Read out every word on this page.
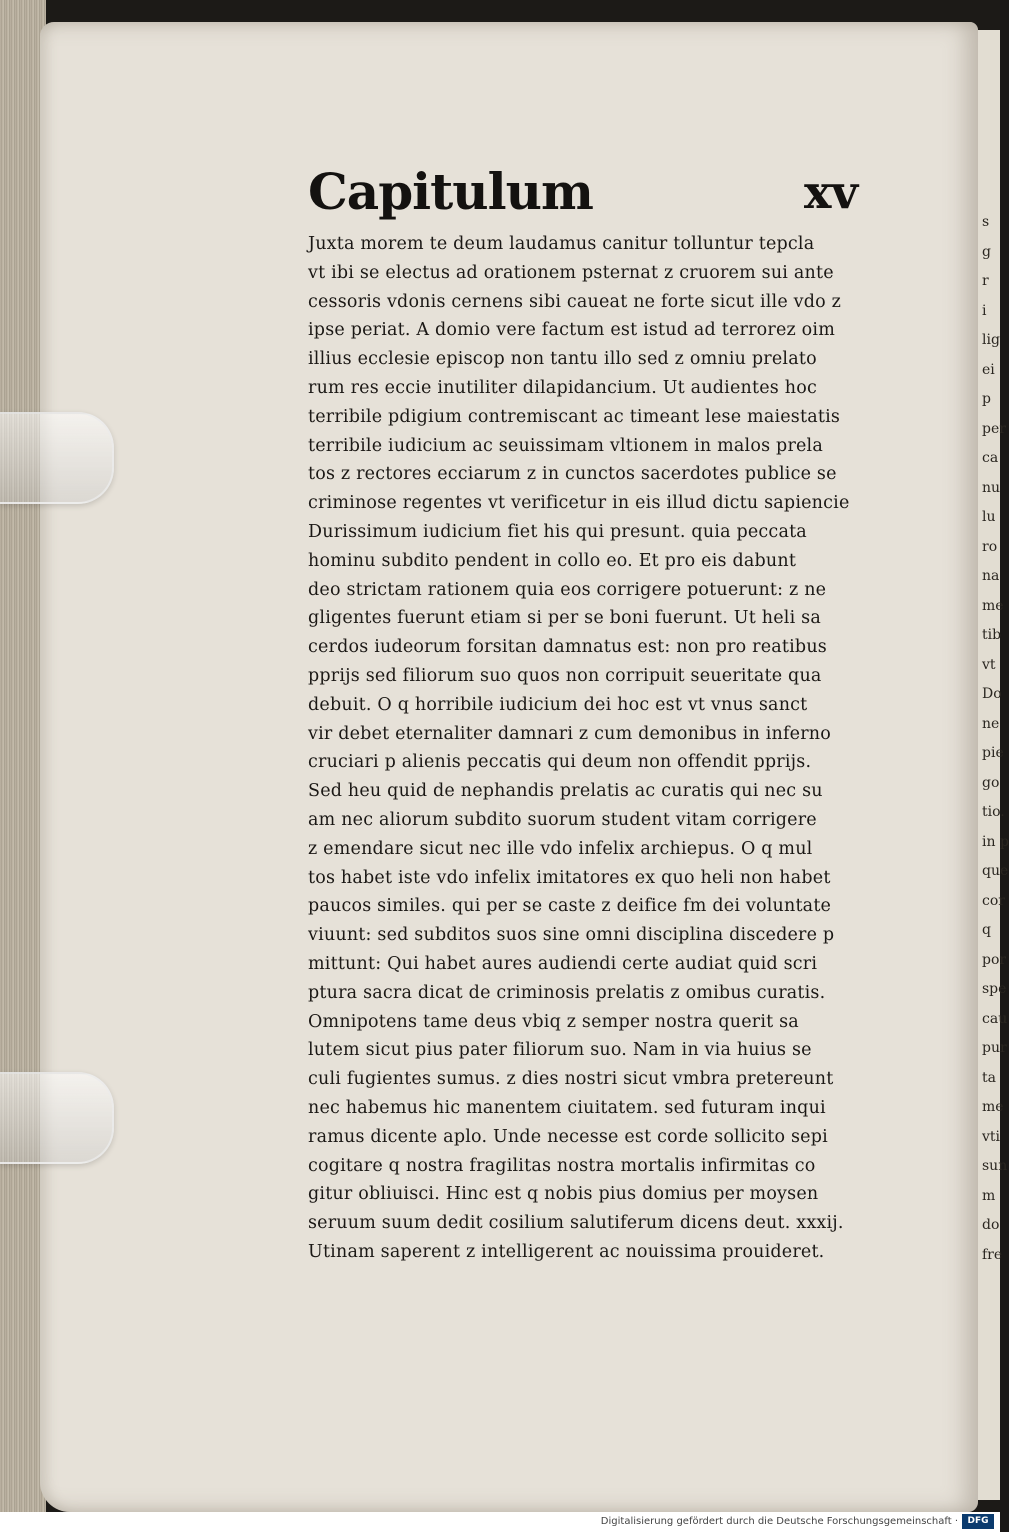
s
g
r
i
lig
ei
p
per
ca
nu
lu
ro
na
me
tib
vt
Do
ne
pie
go
tio.
in p
que
cor
q
por
spe
cau
pur
ta
me
vti
sun
m
do
fre
Capitulum	xv
Juxta morem te deum laudamus canitur tolluntur tepcla
vt ibi se electus ad orationem psternat z cruorem sui ante
cessoris vdonis cernens sibi caueat ne forte sicut ille vdo z
ipse periat. A domio vere factum est istud ad terrorez oim
illius ecclesie episcop non tantu illo sed z omniu prelato
rum res eccie inutiliter dilapidancium. Ut audientes hoc
terribile pdigium contremiscant ac timeant lese maiestatis
terribile iudicium ac seuissimam vltionem in malos prela
tos z rectores ecciarum z in cunctos sacerdotes publice se
criminose regentes vt verificetur in eis illud dictu sapiencie
Durissimum iudicium fiet his qui presunt. quia peccata
hominu subdito pendent in collo eo. Et pro eis dabunt
deo strictam rationem quia eos corrigere potuerunt: z ne
gligentes fuerunt etiam si per se boni fuerunt. Ut heli sa
cerdos iudeorum forsitan damnatus est: non pro reatibus
pprijs sed filiorum suo quos non corripuit seueritate qua
debuit. O q horribile iudicium dei hoc est vt vnus sanct
vir debet eternaliter damnari z cum demonibus in inferno
cruciari p alienis peccatis qui deum non offendit pprijs.
Sed heu quid de nephandis prelatis ac curatis qui nec su
am nec aliorum subdito suorum student vitam corrigere
z emendare sicut nec ille vdo infelix archiepus. O q mul
tos habet iste vdo infelix imitatores ex quo heli non habet
paucos similes. qui per se caste z deifice fm dei voluntate
viuunt: sed subditos suos sine omni disciplina discedere p
mittunt: Qui habet aures audiendi certe audiat quid scri
ptura sacra dicat de criminosis prelatis z omibus curatis.
Omnipotens tame deus vbiq z semper nostra querit sa
lutem sicut pius pater filiorum suo. Nam in via huius se
culi fugientes sumus. z dies nostri sicut vmbra pretereunt
nec habemus hic manentem ciuitatem. sed futuram inqui
ramus dicente aplo. Unde necesse est corde sollicito sepi
cogitare q nostra fragilitas nostra mortalis infirmitas co
gitur obliuisci. Hinc est q nobis pius domius per moysen
seruum suum dedit cosilium salutiferum dicens deut. xxxij.
Utinam saperent z intelligerent ac nouissima prouideret.
Digitalisierung gefördert durch die Deutsche Forschungsgemeinschaft ·	DFG
